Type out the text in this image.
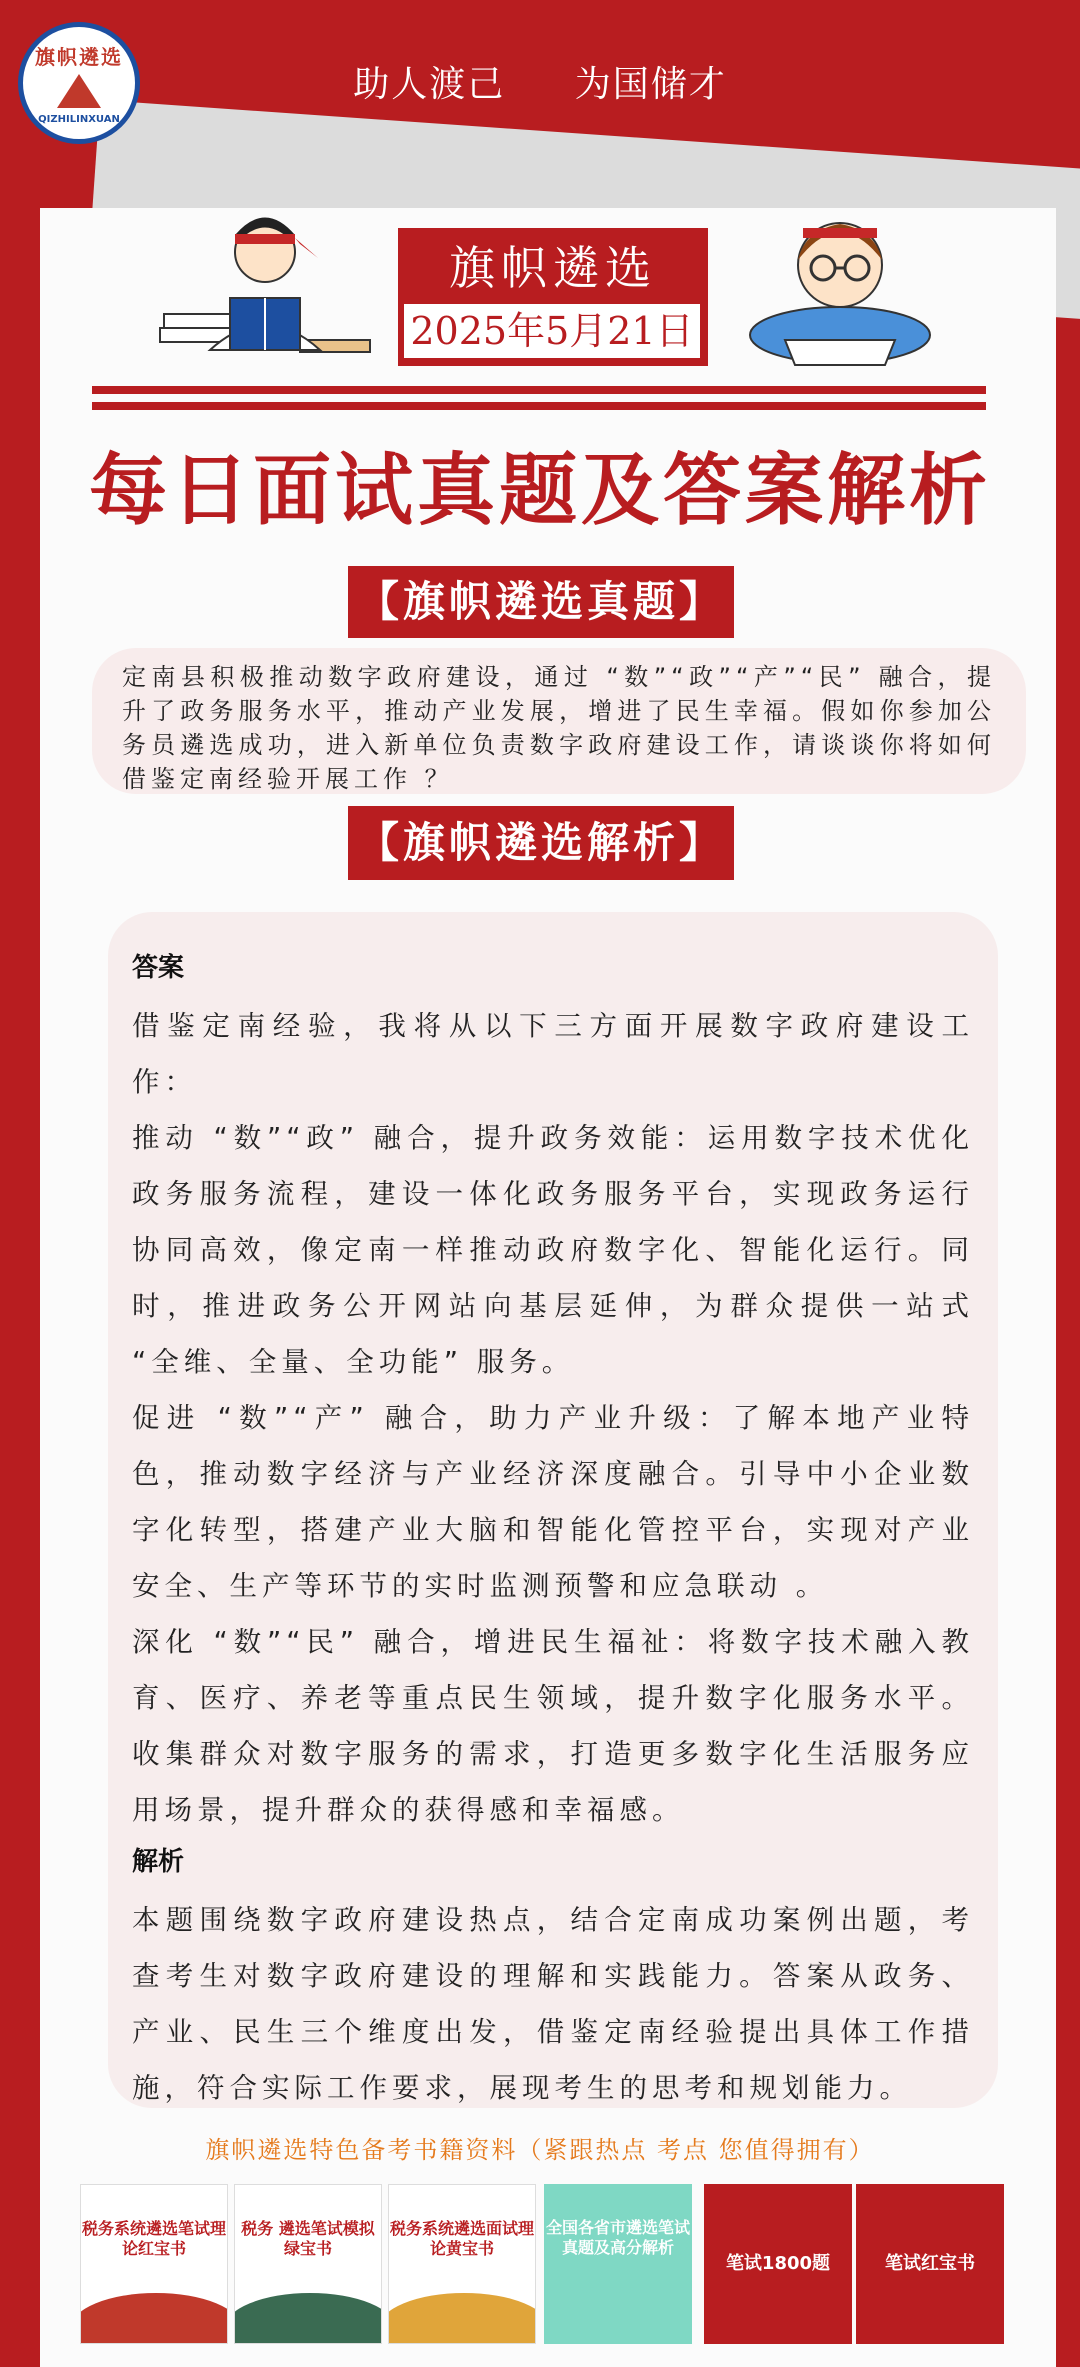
旗帜遴选
QIZHILINXUAN
助人渡己 为国储才
旗帜遴选
2025年5月21日
每日面试真题及答案解析
【旗帜遴选真题】
定南县积极推动数字政府建设，通过 “数”“政”“产”“民” 融合，提升了政务服务水平，推动产业发展，增进了民生幸福。假如你参加公务员遴选成功，进入新单位负责数字政府建设工作，请谈谈你将如何借鉴定南经验开展工作 ？
【旗帜遴选解析】
答案
借鉴定南经验，我将从以下三方面开展数字政府建设工作：
推动 “数”“政” 融合，提升政务效能：运用数字技术优化政务服务流程，建设一体化政务服务平台，实现政务运行协同高效，像定南一样推动政府数字化、智能化运行。同时，推进政务公开网站向基层延伸，为群众提供一站式 “全维、全量、全功能” 服务。
促进 “数”“产” 融合，助力产业升级：了解本地产业特色，推动数字经济与产业经济深度融合。引导中小企业数字化转型，搭建产业大脑和智能化管控平台，实现对产业安全、生产等环节的实时监测预警和应急联动 。
深化 “数”“民” 融合，增进民生福祉：将数字技术融入教育、医疗、养老等重点民生领域，提升数字化服务水平。收集群众对数字服务的需求，打造更多数字化生活服务应用场景，提升群众的获得感和幸福感。
解析
本题围绕数字政府建设热点，结合定南成功案例出题，考查考生对数字政府建设的理解和实践能力。答案从政务、产业、民生三个维度出发，借鉴定南经验提出具体工作措施，符合实际工作要求，展现考生的思考和规划能力。
旗帜遴选特色备考书籍资料（紧跟热点 考点 您值得拥有）
税务系统遴选笔试理论红宝书
税务 遴选笔试模拟绿宝书
税务系统遴选面试理论黄宝书
全国各省市遴选笔试真题及高分解析
笔试1800题	笔试红宝书
